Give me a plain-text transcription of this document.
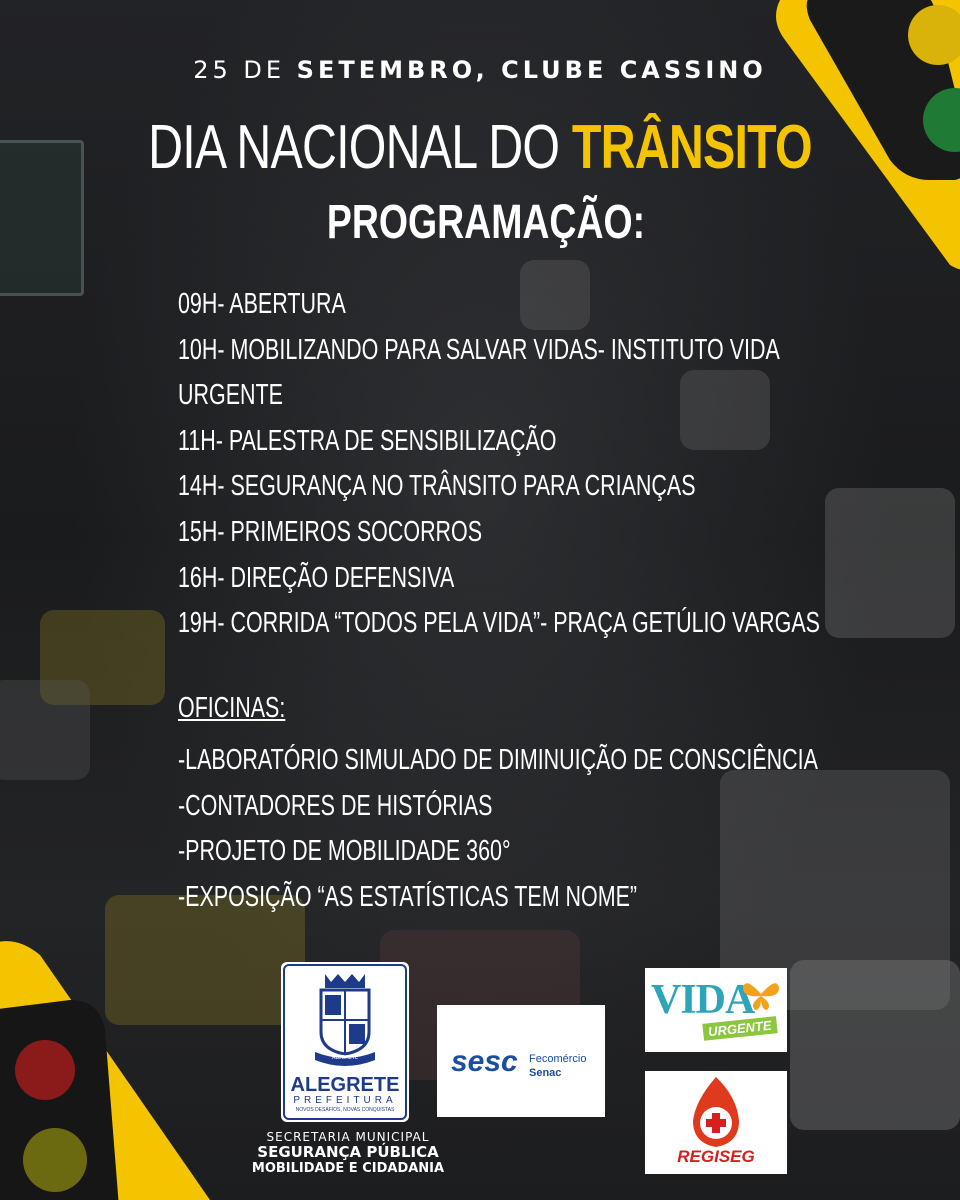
25 DE SETEMBRO, CLUBE CASSINO
DIA NACIONAL DO TRÂNSITO
PROGRAMAÇÃO:
09H- ABERTURA
10H- MOBILIZANDO PARA SALVAR VIDAS- INSTITUTO VIDA
URGENTE
11H- PALESTRA DE SENSIBILIZAÇÃO
14H- SEGURANÇA NO TRÂNSITO PARA CRIANÇAS
15H- PRIMEIROS SOCORROS
16H- DIREÇÃO DEFENSIVA
19H- CORRIDA “TODOS PELA VIDA”- PRAÇA GETÚLIO VARGAS
OFICINAS:
-LABORATÓRIO SIMULADO DE DIMINUIÇÃO DE CONSCIÊNCIA
-CONTADORES DE HISTÓRIAS
-PROJETO DE MOBILIDADE 360°
-EXPOSIÇÃO “AS ESTATÍSTICAS TEM NOME”
ALEGRETE
ALEGRETE
PREFEITURA
NOVOS DESAFIOS, NOVAS CONQUISTAS
sesc Fecomércio
Senac
VIDA
URGENTE
REGISEG
SECRETARIA MUNICIPAL
SEGURANÇA PÚBLICA
MOBILIDADE E CIDADANIA
